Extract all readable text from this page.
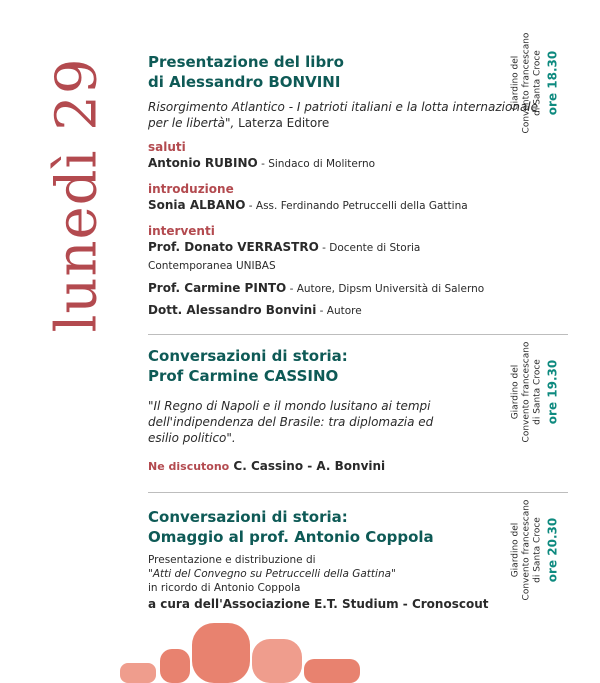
lunedì 29	Presentazione del libro
di Alessandro BONVINI
Risorgimento Atlantico - I patrioti italiani e la lotta internazionale per le libertà", Laterza Editore
saluti
Antonio RUBINO - Sindaco di Moliterno
introduzione
Sonia ALBANO - Ass. Ferdinando Petruccelli della Gattina
interventi
Prof. Donato VERRASTRO - Docente di Storia Contemporanea UNIBAS
Prof. Carmine PINTO - Autore, Dipsm Università di Salerno
Dott. Alessandro Bonvini - Autore
Giardino del Convento francescano di Santa Croce ore 18.30
Conversazioni di storia:
Prof Carmine CASSINO
"Il Regno di Napoli e il mondo lusitano ai tempi dell'indipendenza del Brasile: tra diplomazia ed esilio politico".
Ne discutono C. Cassino - A. Bonvini
Giardino del Convento francescano di Santa Croce ore 19.30
Conversazioni di storia:
Omaggio al prof. Antonio Coppola
Presentazione e distribuzione di
"Atti del Convegno su Petruccelli della Gattina"
in ricordo di Antonio Coppola
a cura dell'Associazione E.T. Studium - Cronoscout
Giardino del Convento francescano di Santa Croce ore 20.30
